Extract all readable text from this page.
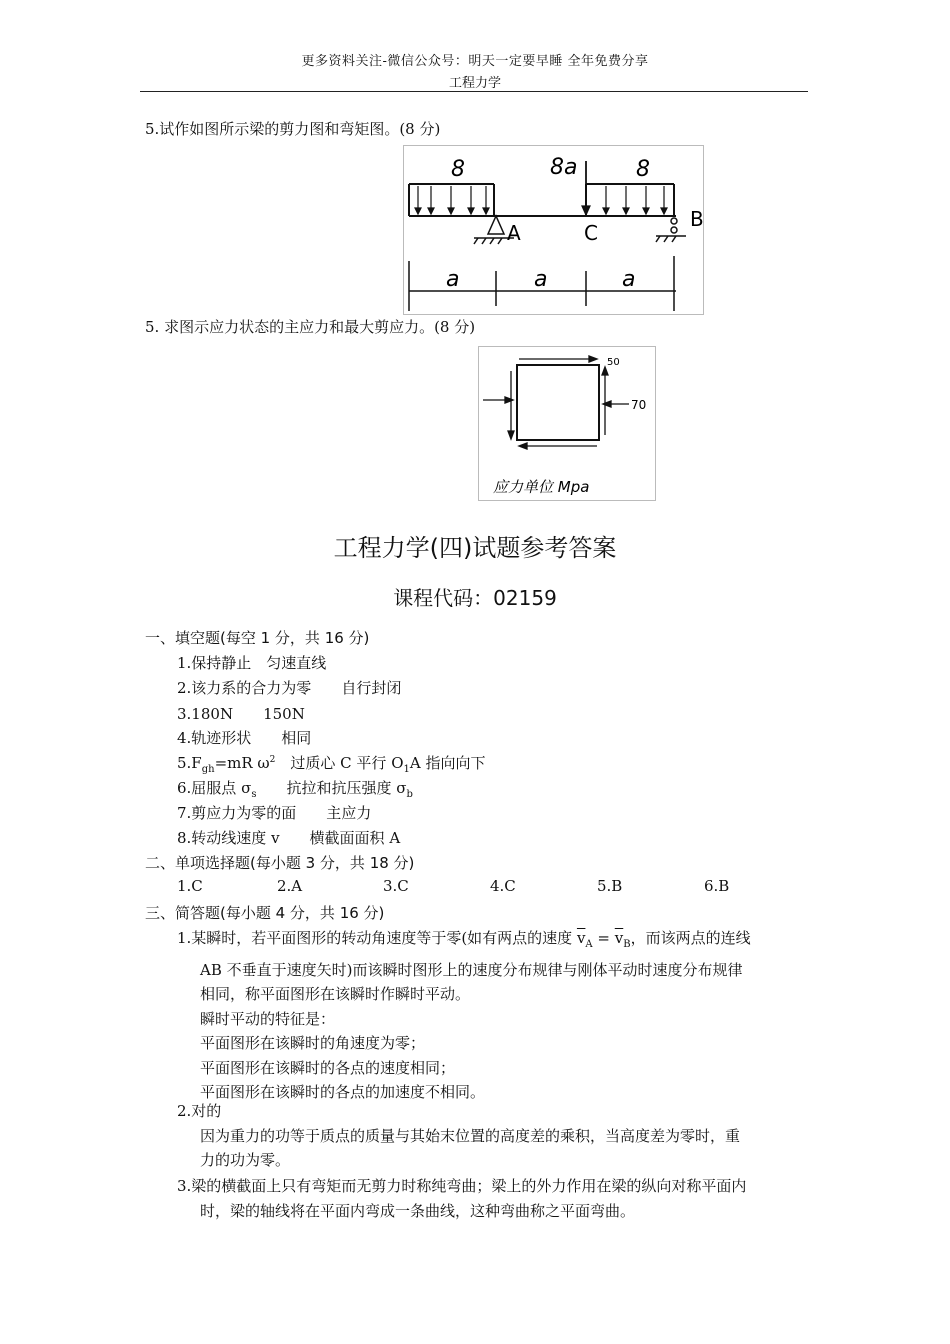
更多资料关注-微信公众号：明天一定要早睡 全年免费分享
工程力学
5.试作如图所示梁的剪力图和弯矩图。(8 分)
8	8a	8
A	C
B
a	a	a
5. 求图示应力状态的主应力和最大剪应力。(8 分)
50
70
应力单位 Mpa
工程力学(四)试题参考答案
课程代码：02159
一、填空题(每空 1 分，共 16 分)
1.保持静止　匀速直线
2.该力系的合力为零　　自行封闭
3.180N　　150N
4.轨迹形状　　相同
$5.F_{gh}=mR$ $\omega^2$　过质心 C 平行 $O_1A$ 指向向下
6.屈服点 $\sigma_s$　　抗拉和抗压强度 $\sigma_b$
7.剪应力为零的面　　主应力
8.转动线速度 v　　横截面面积 A
二、单项选择题(每小题 3 分，共 18 分)
1.C	2.A	3.C	4.C	5.B	6.B
三、简答题(每小题 4 分，共 16 分)
1.某瞬时，若平面图形的转动角速度等于零(如有两点的速度 $\overline{v}_A = \overline{v}_B$，而该两点的连线
AB 不垂直于速度矢时)而该瞬时图形上的速度分布规律与刚体平动时速度分布规律
相同，称平面图形在该瞬时作瞬时平动。
瞬时平动的特征是：
平面图形在该瞬时的角速度为零；
平面图形在该瞬时的各点的速度相同；
平面图形在该瞬时的各点的加速度不相同。
2.对的
因为重力的功等于质点的质量与其始末位置的高度差的乘积，当高度差为零时，重
力的功为零。
3.梁的横截面上只有弯矩而无剪力时称纯弯曲；梁上的外力作用在梁的纵向对称平面内
时，梁的轴线将在平面内弯成一条曲线，这种弯曲称之平面弯曲。
